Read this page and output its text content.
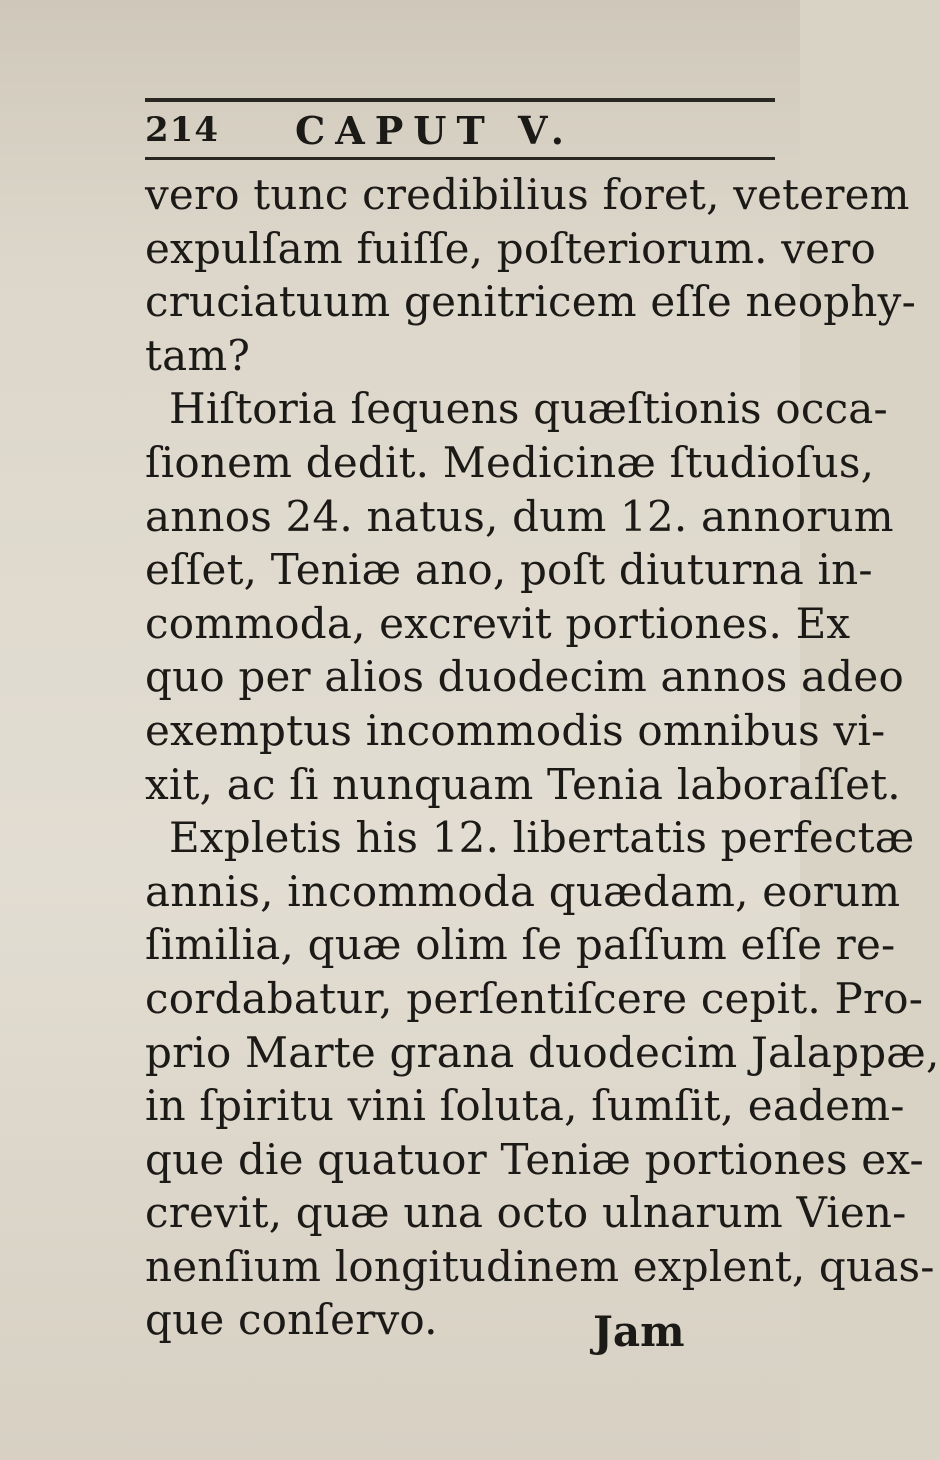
214 CAPUT V.
vero tunc credibilius foret, veterem
expulſam fuiſſe, poſteriorum. vero
cruciatuum genitricem eſſe neophy-
tam?
Hiſtoria ſequens quæſtionis occa-
ſionem dedit. Medicinæ ſtudioſus,
annos 24. natus, dum 12. annorum
eſſet, Teniæ ano, poſt diuturna in-
commoda, excrevit portiones. Ex
quo per alios duodecim annos adeo
exemptus incommodis omnibus vi-
xit, ac ſi nunquam Tenia laboraſſet.
Expletis his 12. libertatis perfectæ
annis, incommoda quædam, eorum
ſimilia, quæ olim ſe paſſum eſſe re-
cordabatur, perſentiſcere cepit. Pro-
prio Marte grana duodecim Jalappæ,
in ſpiritu vini ſoluta, ſumſit, eadem-
que die quatuor Teniæ portiones ex-
crevit, quæ una octo ulnarum Vien-
nenſium longitudinem explent, quas-
que conſervo.	Jam
